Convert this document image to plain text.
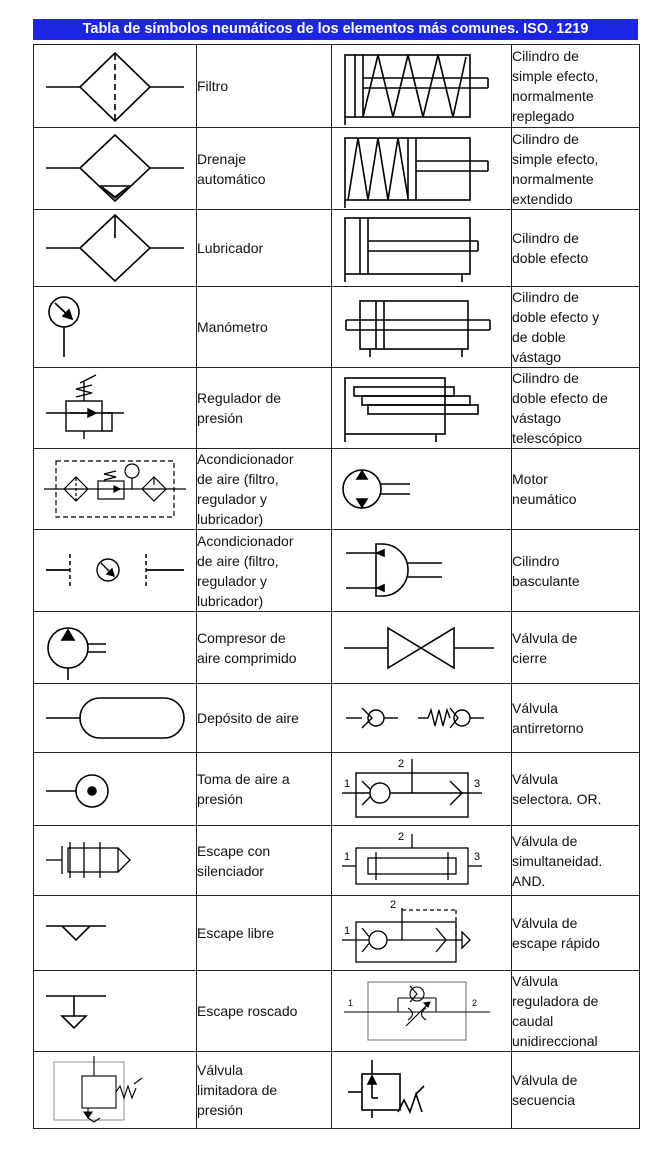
Tabla de símbolos neumáticos de los elementos más comunes. ISO. 1219

Filtro		Cilindro de
simple efecto,
normalmente
replegado

Drenaje
automático		Cilindro de
simple efecto,
normalmente
extendido

Lubricador		Cilindro de
doble efecto

Manómetro		Cilindro de
doble efecto y
de doble
vástago

Regulador de
presión		Cilindro de
doble efecto de
vástago
telescópico

Acondicionador
de aire (filtro,
regulador y
lubricador)		Motor
neumático

Acondicionador
de aire (filtro,
regulador y
lubricador)		Cilindro
basculante

Compresor de
aire comprimido		Válvula de
cierre

Depósito de aire		Válvula
antirretorno

Toma de aire a
presión	1
2
3	Válvula
selectora. OR.

Escape con
silenciador	1
2
3	Válvula de
simultaneidad.
AND.

Escape libre	1
2	Válvula de
escape rápido

Escape roscado	1 2	Válvula
reguladora de
caudal
unidireccional

Válvula
limitadora de
presión		Válvula de
secuencia
